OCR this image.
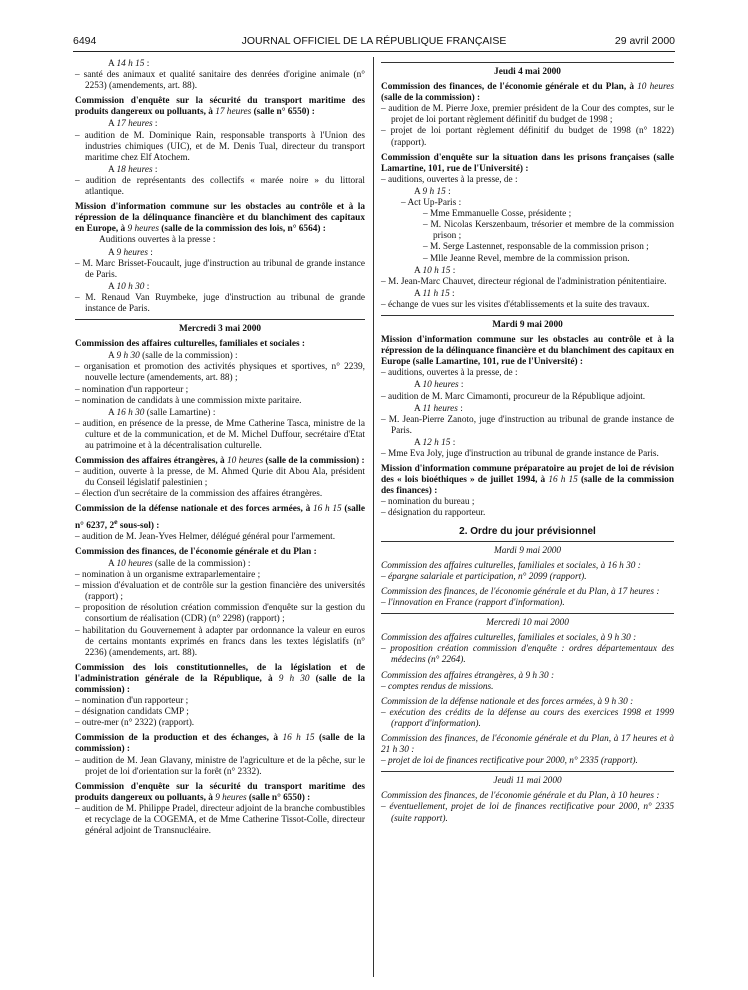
6494	JOURNAL OFFICIEL DE LA RÉPUBLIQUE FRANÇAISE	29 avril 2000

A 14 h 15 :

– santé des animaux et qualité sanitaire des denrées d'origine animale (n° 2253) (amendements, art. 88).

Commission d'enquête sur la sécurité du transport maritime des produits dangereux ou polluants, à 17 heures (salle n° 6550) :

A 17 heures :

– audition de M. Dominique Rain, responsable transports à l'Union des industries chimiques (UIC), et de M. Denis Tual, directeur du transport maritime chez Elf Atochem.

A 18 heures :

– audition de représentants des collectifs « marée noire » du littoral atlantique.

Mission d'information commune sur les obstacles au contrôle et à la répression de la délinquance financière et du blanchiment des capitaux en Europe, à 9 heures (salle de la commission des lois, n° 6564) :

Auditions ouvertes à la presse :

A 9 heures :

– M. Marc Brisset-Foucault, juge d'instruction au tribunal de grande instance de Paris.

A 10 h 30 :

– M. Renaud Van Ruymbeke, juge d'instruction au tribunal de grande instance de Paris.

Mercredi 3 mai 2000

Commission des affaires culturelles, familiales et sociales :

A 9 h 30 (salle de la commission) :

– organisation et promotion des activités physiques et sportives, n° 2239, nouvelle lecture (amendements, art. 88) ;

– nomination d'un rapporteur ;

– nomination de candidats à une commission mixte paritaire.

A 16 h 30 (salle Lamartine) :

– audition, en présence de la presse, de Mme Catherine Tasca, ministre de la culture et de la communication, et de M. Michel Duffour, secrétaire d'Etat au patrimoine et à la décentralisation culturelle.

Commission des affaires étrangères, à 10 heures (salle de la commission) :

– audition, ouverte à la presse, de M. Ahmed Qurie dit Abou Ala, président du Conseil législatif palestinien ;

– élection d'un secrétaire de la commission des affaires étrangères.

Commission de la défense nationale et des forces armées, à 16 h 15 (salle n° 6237, 2e sous-sol) :

– audition de M. Jean-Yves Helmer, délégué général pour l'armement.

Commission des finances, de l'économie générale et du Plan :

A 10 heures (salle de la commission) :

– nomination à un organisme extraparlementaire ;

– mission d'évaluation et de contrôle sur la gestion financière des universités (rapport) ;

– proposition de résolution création commission d'enquête sur la gestion du consortium de réalisation (CDR) (n° 2298) (rapport) ;

– habilitation du Gouvernement à adapter par ordonnance la valeur en euros de certains montants exprimés en francs dans les textes législatifs (n° 2236) (amendements, art. 88).

Commission des lois constitutionnelles, de la législation et de l'administration générale de la République, à 9 h 30 (salle de la commission) :

– nomination d'un rapporteur ;

– désignation candidats CMP ;

– outre-mer (n° 2322) (rapport).

Commission de la production et des échanges, à 16 h 15 (salle de la commission) :

– audition de M. Jean Glavany, ministre de l'agriculture et de la pêche, sur le projet de loi d'orientation sur la forêt (n° 2332).

Commission d'enquête sur la sécurité du transport maritime des produits dangereux ou polluants, à 9 heures (salle n° 6550) :

– audition de M. Philippe Pradel, directeur adjoint de la branche combustibles et recyclage de la COGEMA, et de Mme Catherine Tissot-Colle, directeur général adjoint de Transnucléaire.

Jeudi 4 mai 2000

Commission des finances, de l'économie générale et du Plan, à 10 heures (salle de la commission) :

– audition de M. Pierre Joxe, premier président de la Cour des comptes, sur le projet de loi portant règlement définitif du budget de 1998 ;

– projet de loi portant règlement définitif du budget de 1998 (n° 1822) (rapport).

Commission d'enquête sur la situation dans les prisons françaises (salle Lamartine, 101, rue de l'Université) :

– auditions, ouvertes à la presse, de :

A 9 h 15 :

– Act Up-Paris :

– Mme Emmanuelle Cosse, présidente ;

– M. Nicolas Kerszenbaum, trésorier et membre de la commission prison ;

– M. Serge Lastennet, responsable de la commission prison ;

– Mlle Jeanne Revel, membre de la commission prison.

A 10 h 15 :

– M. Jean-Marc Chauvet, directeur régional de l'administration pénitentiaire.

A 11 h 15 :

– échange de vues sur les visites d'établissements et la suite des travaux.

Mardi 9 mai 2000

Mission d'information commune sur les obstacles au contrôle et à la répression de la délinquance financière et du blanchiment des capitaux en Europe (salle Lamartine, 101, rue de l'Université) :

– auditions, ouvertes à la presse, de :

A 10 heures :

– audition de M. Marc Cimamonti, procureur de la République adjoint.

A 11 heures :

– M. Jean-Pierre Zanoto, juge d'instruction au tribunal de grande instance de Paris.

A 12 h 15 :

– Mme Eva Joly, juge d'instruction au tribunal de grande instance de Paris.

Mission d'information commune préparatoire au projet de loi de révision des « lois bioéthiques » de juillet 1994, à 16 h 15 (salle de la commission des finances) :

– nomination du bureau ;

– désignation du rapporteur.

2. Ordre du jour prévisionnel

Mardi 9 mai 2000

Commission des affaires culturelles, familiales et sociales, à 16 h 30 :

– épargne salariale et participation, n° 2099 (rapport).

Commission des finances, de l'économie générale et du Plan, à 17 heures :

– l'innovation en France (rapport d'information).

Mercredi 10 mai 2000

Commission des affaires culturelles, familiales et sociales, à 9 h 30 :

– proposition création commission d'enquête : ordres départementaux des médecins (n° 2264).

Commission des affaires étrangères, à 9 h 30 :

– comptes rendus de missions.

Commission de la défense nationale et des forces armées, à 9 h 30 :

– exécution des crédits de la défense au cours des exercices 1998 et 1999 (rapport d'information).

Commission des finances, de l'économie générale et du Plan, à 17 heures et à 21 h 30 :

– projet de loi de finances rectificative pour 2000, n° 2335 (rapport).

Jeudi 11 mai 2000

Commission des finances, de l'économie générale et du Plan, à 10 heures :

– éventuellement, projet de loi de finances rectificative pour 2000, n° 2335 (suite rapport).
